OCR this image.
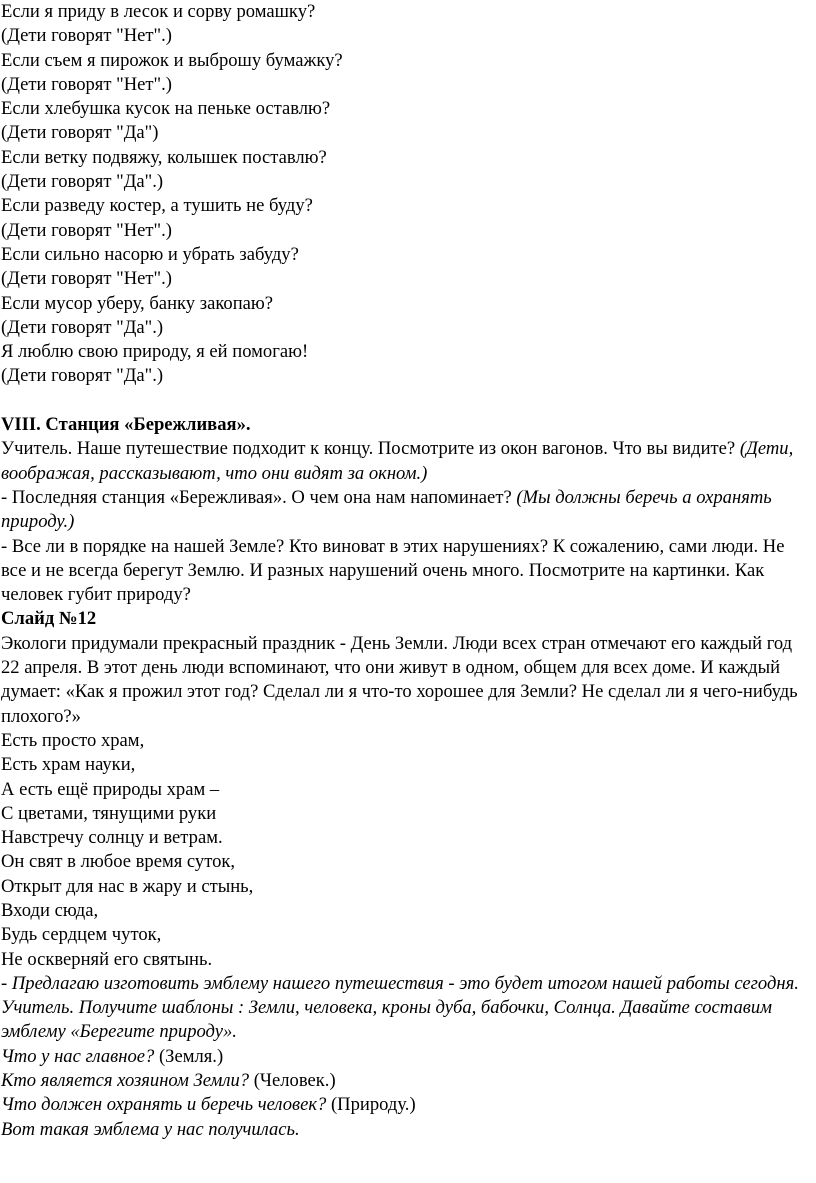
Если я приду в лесок и сорву ромашку?
(Дети говорят "Нет".)
Если съем я пирожок и выброшу бумажку?
(Дети говорят "Нет".)
Если хлебушка кусок на пеньке оставлю?
(Дети говорят "Да")
Если ветку подвяжу, колышек поставлю?
(Дети говорят "Да".)
Если разведу костер, а тушить не буду?
(Дети говорят "Нет".)
Если сильно насорю и убрать забуду?
(Дети говорят "Нет".)
Если мусор уберу, банку закопаю?
(Дети говорят "Да".)
Я люблю свою природу, я ей помогаю!
(Дети говорят "Да".)
VIII. Станция «Бережливая».
Учитель. Наше путешествие подходит к концу. Посмотрите из окон вагонов. Что вы видите? (Дети, воображая, рассказывают, что они видят за окном.)
- Последняя станция «Бережливая». О чем она нам напоминает? (Мы должны беречь а охранять природу.)
- Все ли в порядке на нашей Земле? Кто виноват в этих нарушениях? К сожалению, сами люди. Не все и не всегда берегут Землю. И разных нарушений очень много. Посмотрите на картинки. Как человек губит природу?
Слайд №12
Экологи придумали прекрасный праздник - День Земли. Люди всех стран отмечают его каждый год 22 апреля. В этот день люди вспоминают, что они живут в одном, общем для всех доме. И каждый думает: «Как я прожил этот год? Сделал ли я что-то хорошее для Земли? Не сделал ли я чего-нибудь плохого?»
Есть просто храм,
Есть храм науки,
А есть ещё природы храм –
С цветами, тянущими руки
Навстречу солнцу и ветрам.
Он свят в любое время суток,
Открыт для нас в жару и стынь,
Входи сюда,
Будь сердцем чуток,
Не оскверняй его святынь.
- Предлагаю изготовить эмблему нашего путешествия - это будет итогом нашей работы сегодня.
Учитель. Получите шаблоны : Земли, человека, кроны дуба, бабочки, Солнца. Давайте составим эмблему «Берегите природу».
Что у нас главное? (Земля.)
Кто является хозяином Земли? (Человек.)
Что должен охранять и беречь человек? (Природу.)
Вот такая эмблема у нас получилась.
